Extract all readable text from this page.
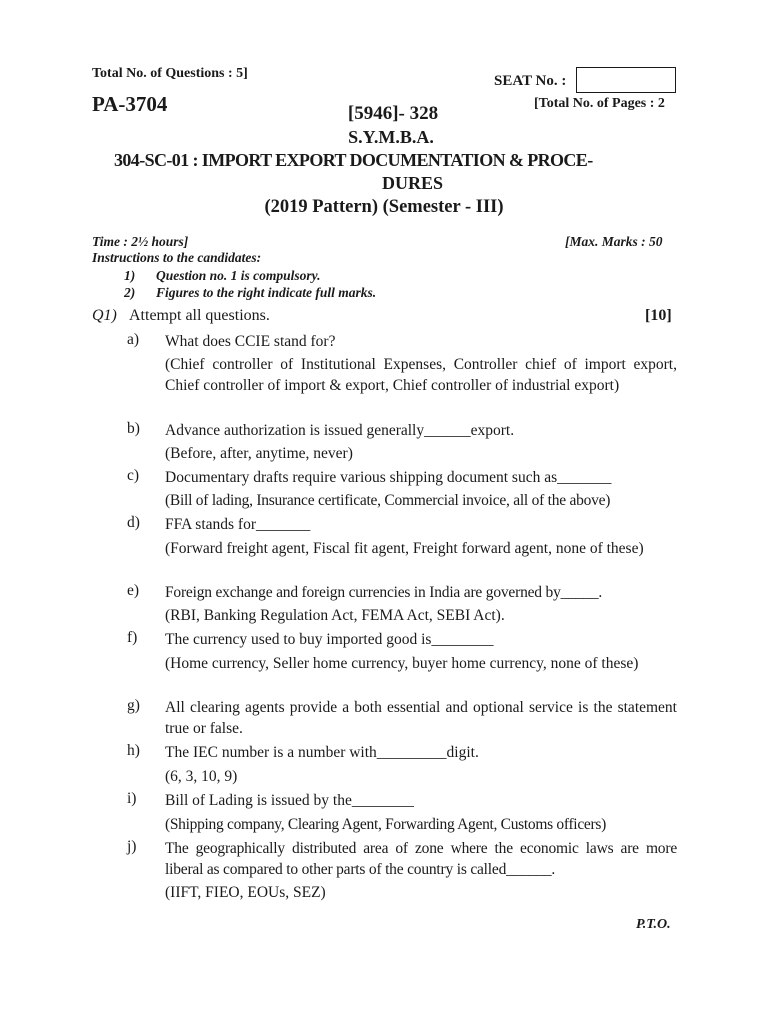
Total No. of Questions : 5]	SEAT No. :
PA-3704	[Total No. of Pages : 2
[5946]- 328
S.Y.M.B.A.
304-SC-01 : IMPORT EXPORT DOCUMENTATION & PROCE-
DURES
(2019 Pattern) (Semester - III)
Time : 2½ hours]	[Max. Marks : 50
Instructions to the candidates:
1) Question no. 1 is compulsory.
2) Figures to the right indicate full marks.
Q1) Attempt all questions.	[10]
a) What does CCIE stand for?
(Chief controller of Institutional Expenses, Controller chief of import export, Chief controller of import & export, Chief controller of industrial export)
b) Advance authorization is issued generally______export.
(Before, after, anytime, never)
c) Documentary drafts require various shipping document such as_______
(Bill of lading, Insurance certificate, Commercial invoice, all of the above)
d) FFA stands for_______
(Forward freight agent, Fiscal fit agent, Freight forward agent, none of these)
e) Foreign exchange and foreign currencies in India are governed by_____.
(RBI, Banking Regulation Act, FEMA Act, SEBI Act).
f) The currency used to buy imported good is________
(Home currency, Seller home currency, buyer home currency, none of these)
g) All clearing agents provide a both essential and optional service is the statement true or false.
h) The IEC number is a number with_________digit.
(6, 3, 10, 9)
i) Bill of Lading is issued by the________
(Shipping company, Clearing Agent, Forwarding Agent, Customs officers)
j) The geographically distributed area of zone where the economic laws are more liberal as compared to other parts of the country is called______.
(IIFT, FIEO, EOUs, SEZ)
P.T.O.
